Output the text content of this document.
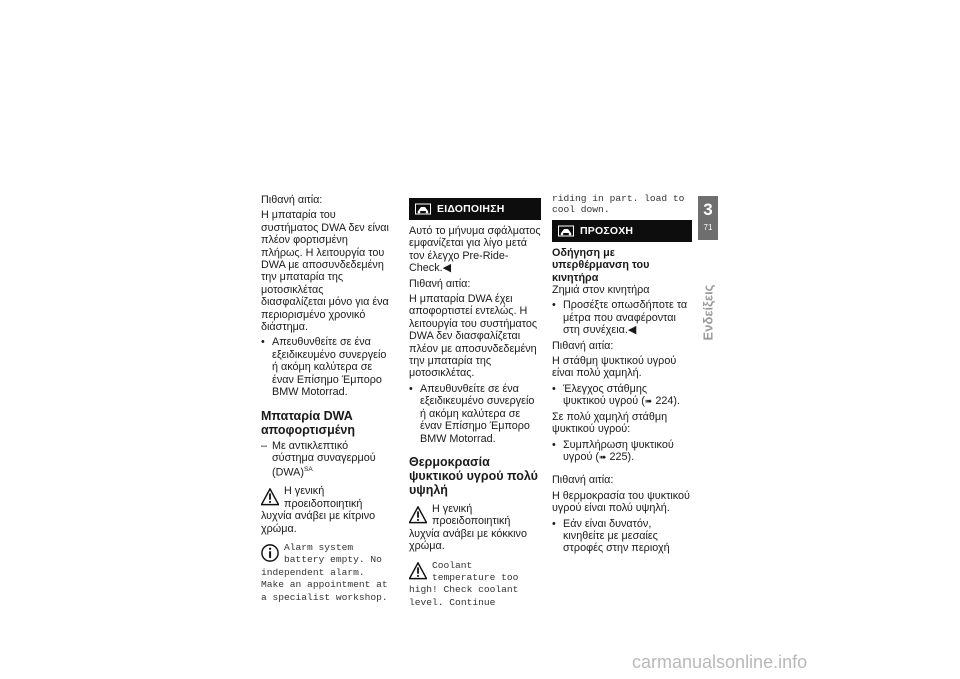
Πιθανή αιτία:

Η μπαταρία του συστήματος DWA δεν είναι πλέον φορτισμένη πλήρως. Η λειτουργία του DWA με αποσυνδεδεμένη την μπαταρία της μοτοσικλέτας διασφαλίζεται μόνο για ένα περιορισμένο χρονικό διάστημα.

• Απευθυνθείτε σε ένα εξειδικευμένο συνεργείο ή ακόμη καλύτερα σε έναν Επίσημο Έμπορο BMW Motorrad.
Μπαταρία DWA αποφορτισμένη
– Με αντικλεπτικό σύστημα συναγερμού (DWA)$^{SA}$
Η γενική προειδοποιητική λυχνία ανάβει με κίτρινο χρώμα.
Alarm system battery empty. No independent alarm. Make an appointment at a specialist workshop.
ΕΙΔΟΠΟΙΗΣΗ

Αυτό το μήνυμα σφάλματος εμφανίζεται για λίγο μετά τον έλεγχο Pre-Ride-Check.◀

Πιθανή αιτία:

Η μπαταρία DWA έχει αποφορτιστεί εντελώς. Η λειτουργία του συστήματος DWA δεν διασφαλίζεται πλέον με αποσυνδεδεμένη την μπαταρία της μοτοσικλέτας.

• Απευθυνθείτε σε ένα εξειδικευμένο συνεργείο ή ακόμη καλύτερα σε έναν Επίσημο Έμπορο BMW Motorrad.
Θερμοκρασία ψυκτικού υγρού πολύ υψηλή
Η γενική προειδοποιητική λυχνία ανάβει με κόκκινο χρώμα.
Coolant temperature too high! Check coolant level. Continue

riding in part. load to cool down.

ΠΡΟΣΟΧΗ
Οδήγηση με υπερθέρμανση του κινητήρα

Ζημιά στον κινητήρα

• Προσέξτε οπωσδήποτε τα μέτρα που αναφέρονται στη συνέχεια.◀

Πιθανή αιτία:

Η στάθμη ψυκτικού υγρού είναι πολύ χαμηλή.

• Έλεγχος στάθμης ψυκτικού υγρού (➠ 224).

Σε πολύ χαμηλή στάθμη ψυκτικού υγρού:

• Συμπλήρωση ψυκτικού υγρού (➠ 225).

Πιθανή αιτία:

Η θερμοκρασία του ψυκτικού υγρού είναι πολύ υψηλή.

• Εάν είναι δυνατόν, κινηθείτε με μεσαίες στροφές στην περιοχή
3
71
Ενδείξεις
carmanualsonline.info
